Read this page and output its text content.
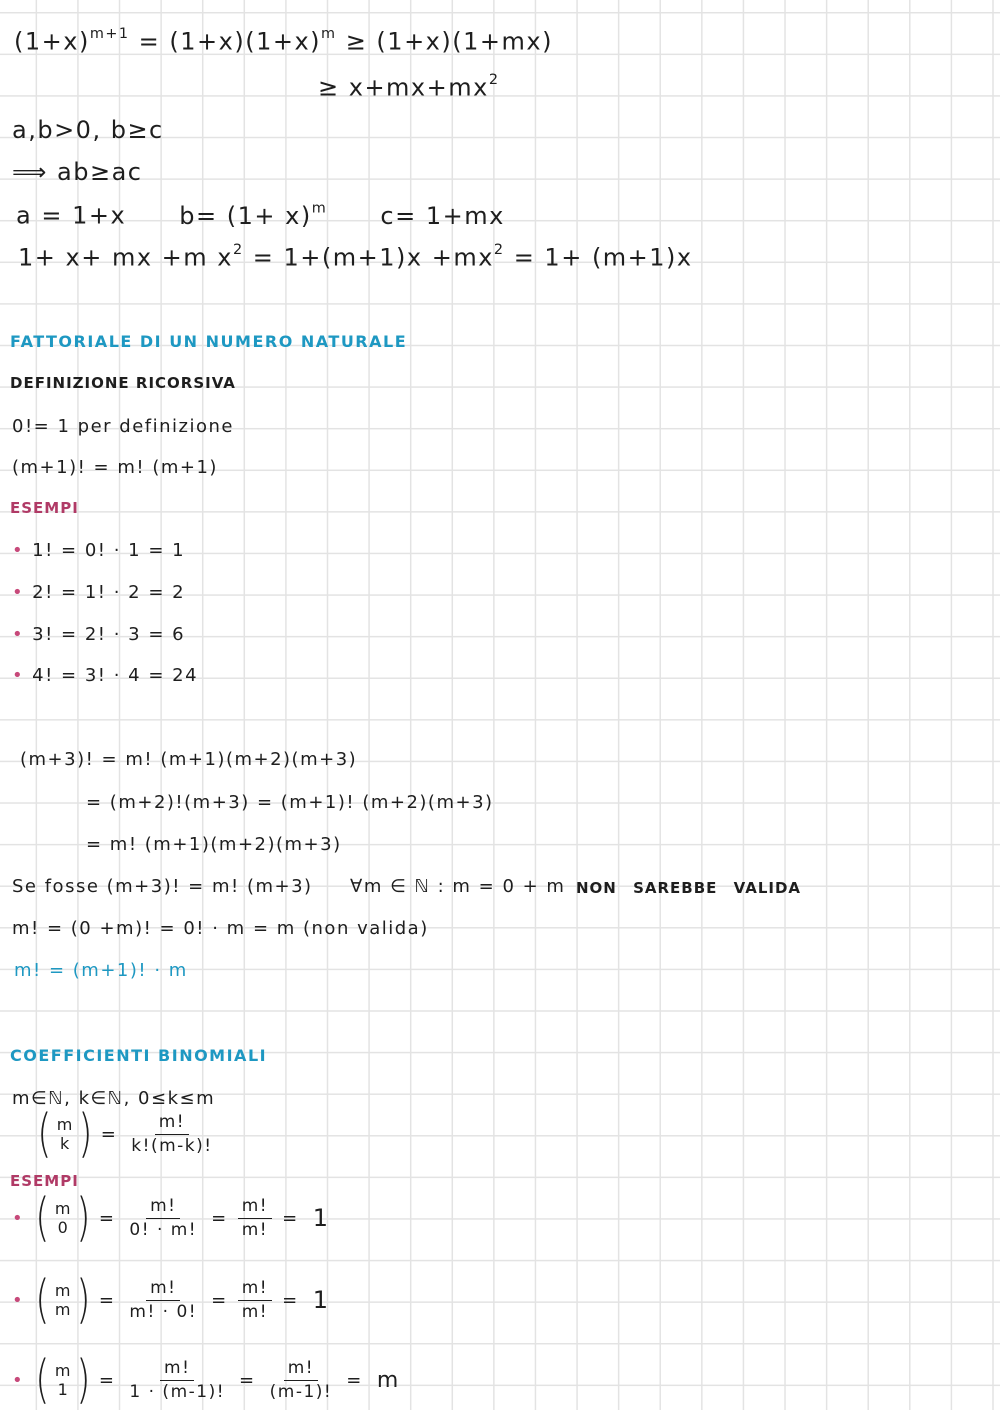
$(1+x)^{m+1} = (1+x)(1+x)^m \ge (1+x)(1+mx)$
≥ $x+mx+mx^2$
a,b>0, b≥c
⟹ ab≥ac
a = 1+x $b= (1+ x)^m$ c= 1+mx
1+ x+ mx +m $x^2 = 1+(m+1)x +mx^2 = 1+ (m+1)x$
FATTORIALE DI UN NUMERO NATURALE
DEFINIZIONE RICORSIVA
0!= 1 per definizione
(m+1)! = m! (m+1)
ESEMPI
• 1! = 0! · 1 = 1
• 2! = 1! · 2 = 2
• 3! = 2! · 3 = 6
• 4! = 3! · 4 = 24
(m+3)! = m! (m+1)(m+2)(m+3)
= (m+2)!(m+3) = (m+1)! (m+2)(m+3)
= m! (m+1)(m+2)(m+3)
Se fosse (m+3)! = m! (m+3) ∀m ∈ ℕ : m = 0 + m NON SAREBBE VALIDA
m! = (0 +m)! = 0! · m = m (non valida)
m! = (m+1)! · m
COEFFICIENTI BINOMIALI
m∈ℕ, k∈ℕ, 0≤k≤m
( m
k ) = $\frac{m!}{k!(m-k)!}$
ESEMPI
• ( m
0 ) = $\frac{m!}{0! \cdot m!} = \frac{m!}{m!} = 1$
• ( m
m ) = $\frac{m!}{m! \cdot 0!} = \frac{m!}{m!} = 1$
• ( m
1 ) = $\frac{m!}{1 \cdot (m-1)!} = \frac{m!}{(m-1)!} = m$
